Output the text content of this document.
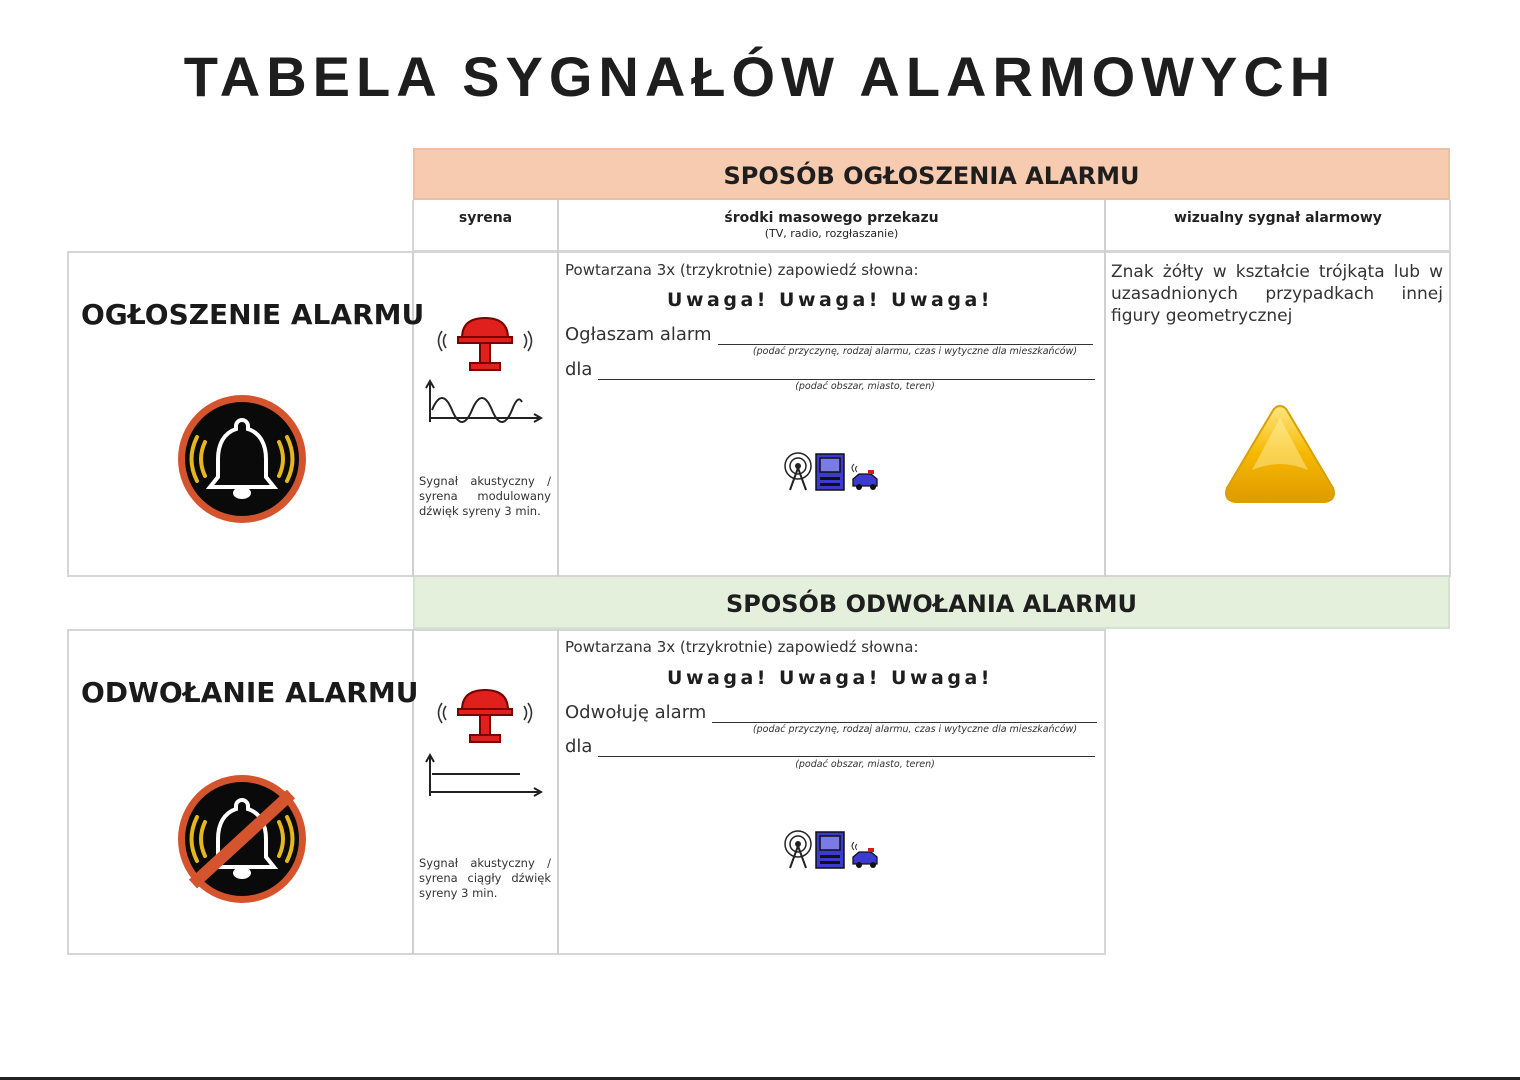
TABELA SYGNAŁÓW ALARMOWYCH
SPOSÓB OGŁOSZENIA ALARMU
syrena	środki masowego przekazu
(TV, radio, rozgłaszanie)
wizualny sygnał alarmowy
OGŁOSZENIE ALARMU
Sygnał akustyczny / syrena modulowany dźwięk syreny 3 min.
Powtarzana 3x (trzykrotnie) zapowiedź słowna:
Uwaga! Uwaga! Uwaga!
Ogłaszam alarm
(podać przyczynę, rodzaj alarmu, czas i wytyczne dla mieszkańców)
dla
(podać obszar, miasto, teren)
Znak żółty w kształcie trójkąta lub w uzasadnionych przypadkach innej figury geometrycznej
SPOSÓB ODWOŁANIA ALARMU
ODWOŁANIE ALARMU
Sygnał akustyczny / syrena ciągły dźwięk syreny 3 min.
Powtarzana 3x (trzykrotnie) zapowiedź słowna:
Uwaga! Uwaga! Uwaga!
Odwołuję alarm
(podać przyczynę, rodzaj alarmu, czas i wytyczne dla mieszkańców)
dla
(podać obszar, miasto, teren)
